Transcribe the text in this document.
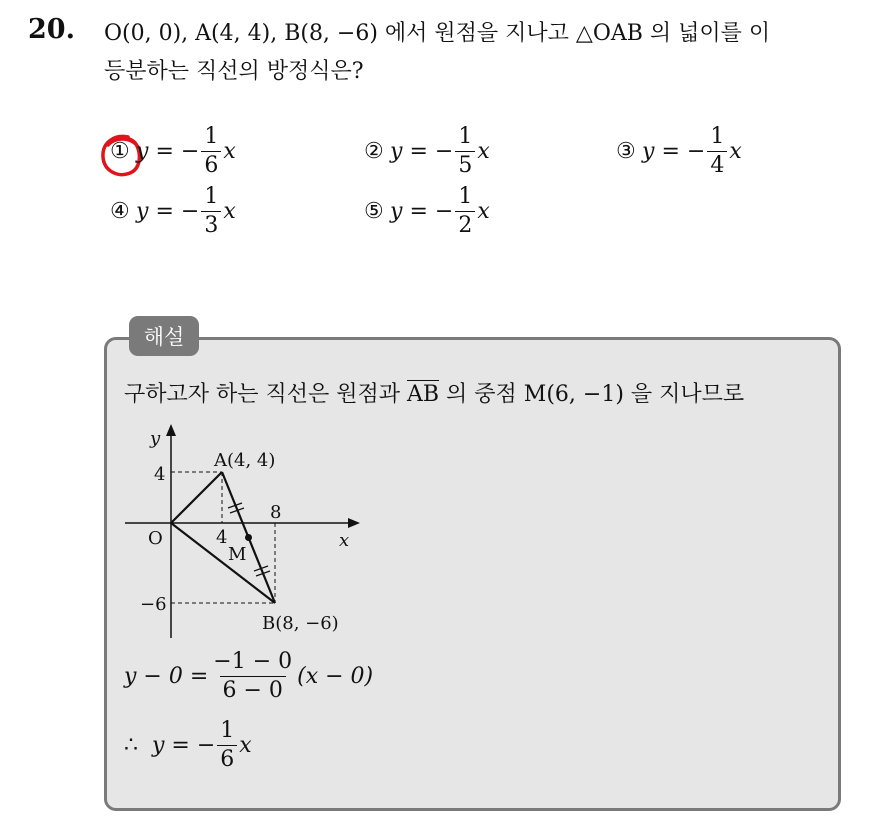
20. O(0, 0), A(4, 4), B(8, −6) 에서 원점을 지나고 △OAB 의 넓이를 이
등분하는 직선의 방정식은?
① y = − $\frac{1}{6}$ x	② y = − $\frac{1}{5}$ x	③ y = − $\frac{1}{4}$ x
④ y = − $\frac{1}{3}$ x	⑤ y = − $\frac{1}{2}$ x
해설
구하고자 하는 직선은 원점과 AB 의 중점 M(6, −1) 을 지나므로
y
x
O
A(4, 4)
B(8, −6)
M
4
4
8
−6
$y - 0 = \frac{-1 - 0}{6 - 0} (x - 0)$
∴ y = − $\frac{1}{6}$ x
